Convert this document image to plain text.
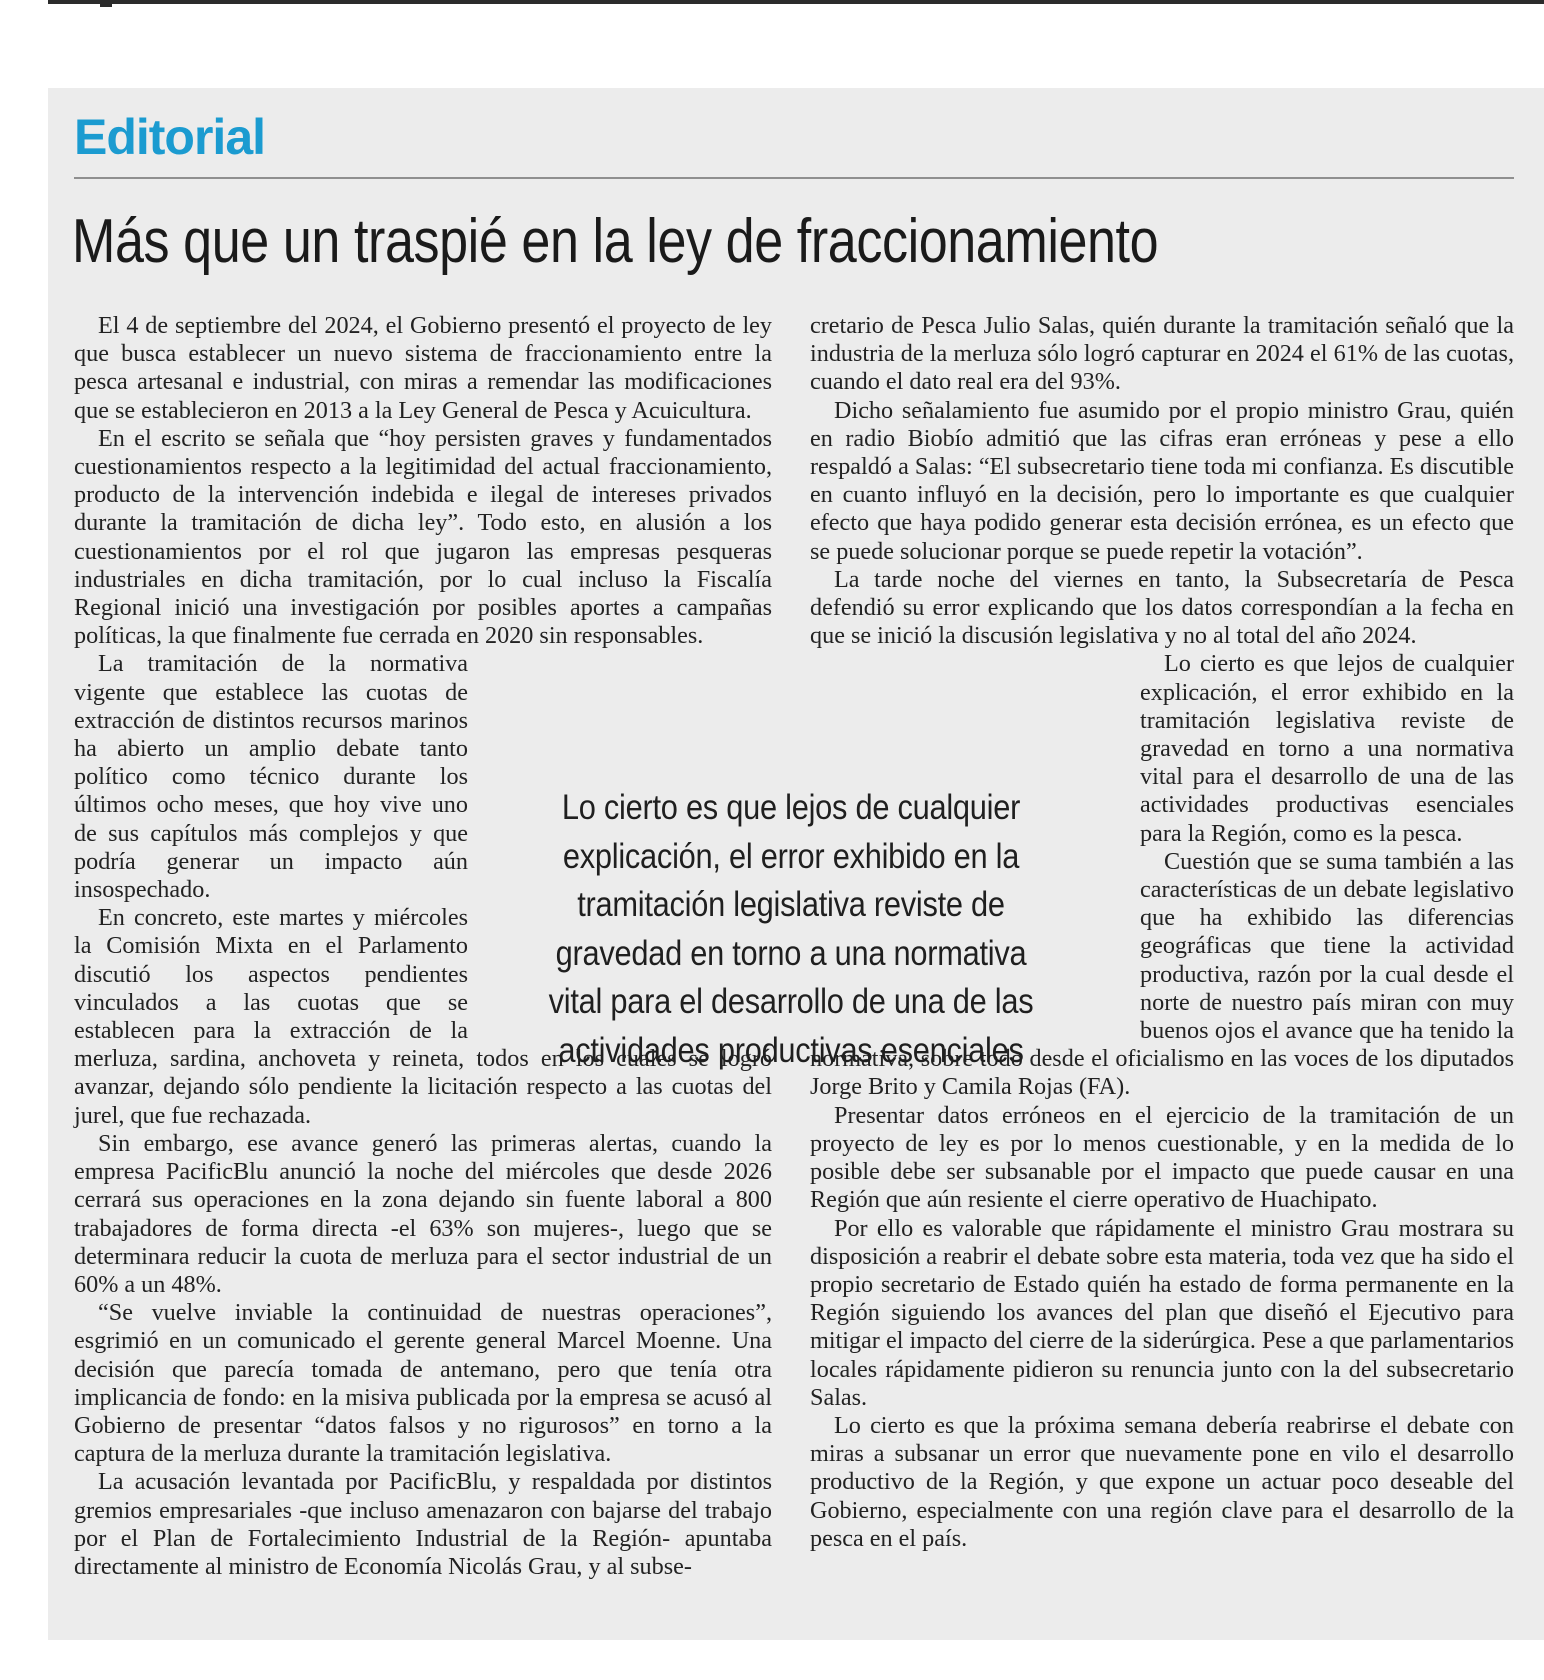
Editorial
Más que un traspié en la ley de fraccionamiento

El 4 de septiembre del 2024, el Gobierno presentó el proyecto de ley que busca establecer un nuevo sistema de fraccionamiento entre la pesca artesanal e industrial, con miras a remendar las modificaciones que se establecieron en 2013 a la Ley General de Pesca y Acuicultura.

En el escrito se señala que “hoy persisten graves y fundamentados cuestionamientos respecto a la legitimidad del actual fraccionamiento, producto de la intervención indebida e ilegal de intereses privados durante la tramitación de dicha ley”. Todo esto, en alusión a los cuestionamientos por el rol que jugaron las empresas pesqueras industriales en dicha tramitación, por lo cual incluso la Fiscalía Regional inició una investigación por posibles aportes a campañas políticas, la que finalmente fue cerrada en 2020 sin responsables.

La tramitación de la normativa vigente que establece las cuotas de extracción de distintos recursos marinos ha abierto un amplio debate tanto político como técnico durante los últimos ocho meses, que hoy vive uno de sus capítulos más complejos y que podría generar un impacto aún insospechado.

En concreto, este martes y miércoles la Comisión Mixta en el Parlamento discutió los aspectos pendientes vinculados a las cuotas que se establecen para la extracción de la merluza, sardina, anchoveta y reineta, todos en los cuales se logró avanzar, dejando sólo pendiente la licitación respecto a las cuotas del jurel, que fue rechazada.

Sin embargo, ese avance generó las primeras alertas, cuando la empresa PacificBlu anunció la noche del miércoles que desde 2026 cerrará sus operaciones en la zona dejando sin fuente laboral a 800 trabajadores de forma directa -el 63% son mujeres-, luego que se determinara reducir la cuota de merluza para el sector industrial de un 60% a un 48%.

“Se vuelve inviable la continuidad de nuestras operaciones”, esgrimió en un comunicado el gerente general Marcel Moenne. Una decisión que parecía tomada de antemano, pero que tenía otra implicancia de fondo: en la misiva publicada por la empresa se acusó al Gobierno de presentar “datos falsos y no rigurosos” en torno a la captura de la merluza durante la tramitación legislativa.

La acusación levantada por PacificBlu, y respaldada por distintos gremios empresariales -que incluso amenazaron con bajarse del trabajo por el Plan de Fortalecimiento Industrial de la Región- apuntaba directamente al ministro de Economía Nicolás Grau, y al subse-

cretario de Pesca Julio Salas, quién durante la tramitación señaló que la industria de la merluza sólo logró capturar en 2024 el 61% de las cuotas, cuando el dato real era del 93%.

Dicho señalamiento fue asumido por el propio ministro Grau, quién en radio Biobío admitió que las cifras eran erróneas y pese a ello respaldó a Salas: “El subsecretario tiene toda mi confianza. Es discutible en cuanto influyó en la decisión, pero lo importante es que cualquier efecto que haya podido generar esta decisión errónea, es un efecto que se puede solucionar porque se puede repetir la votación”.

La tarde noche del viernes en tanto, la Subsecretaría de Pesca defendió su error explicando que los datos correspondían a la fecha en que se inició la discusión legislativa y no al total del año 2024.

Lo cierto es que lejos de cualquier explicación, el error exhibido en la tramitación legislativa reviste de gravedad en torno a una normativa vital para el desarrollo de una de las actividades productivas esenciales para la Región, como es la pesca.

Cuestión que se suma también a las características de un debate legislativo que ha exhibido las diferencias geográficas que tiene la actividad productiva, razón por la cual desde el norte de nuestro país miran con muy buenos ojos el avance que ha tenido la normativa, sobre todo desde el oficialismo en las voces de los diputados Jorge Brito y Camila Rojas (FA).

Presentar datos erróneos en el ejercicio de la tramitación de un proyecto de ley es por lo menos cuestionable, y en la medida de lo posible debe ser subsanable por el impacto que puede causar en una Región que aún resiente el cierre operativo de Huachipato.

Por ello es valorable que rápidamente el ministro Grau mostrara su disposición a reabrir el debate sobre esta materia, toda vez que ha sido el propio secretario de Estado quién ha estado de forma permanente en la Región siguiendo los avances del plan que diseñó el Ejecutivo para mitigar el impacto del cierre de la siderúrgica. Pese a que parlamentarios locales rápidamente pidieron su renuncia junto con la del subsecretario Salas.

Lo cierto es que la próxima semana debería reabrirse el debate con miras a subsanar un error que nuevamente pone en vilo el desarrollo productivo de la Región, y que expone un actuar poco deseable del Gobierno, especialmente con una región clave para el desarrollo de la pesca en el país.

Lo cierto es que lejos de cualquier explicación, el error exhibido en la tramitación legislativa reviste de gravedad en torno a una normativa vital para el desarrollo de una de las actividades productivas esenciales
